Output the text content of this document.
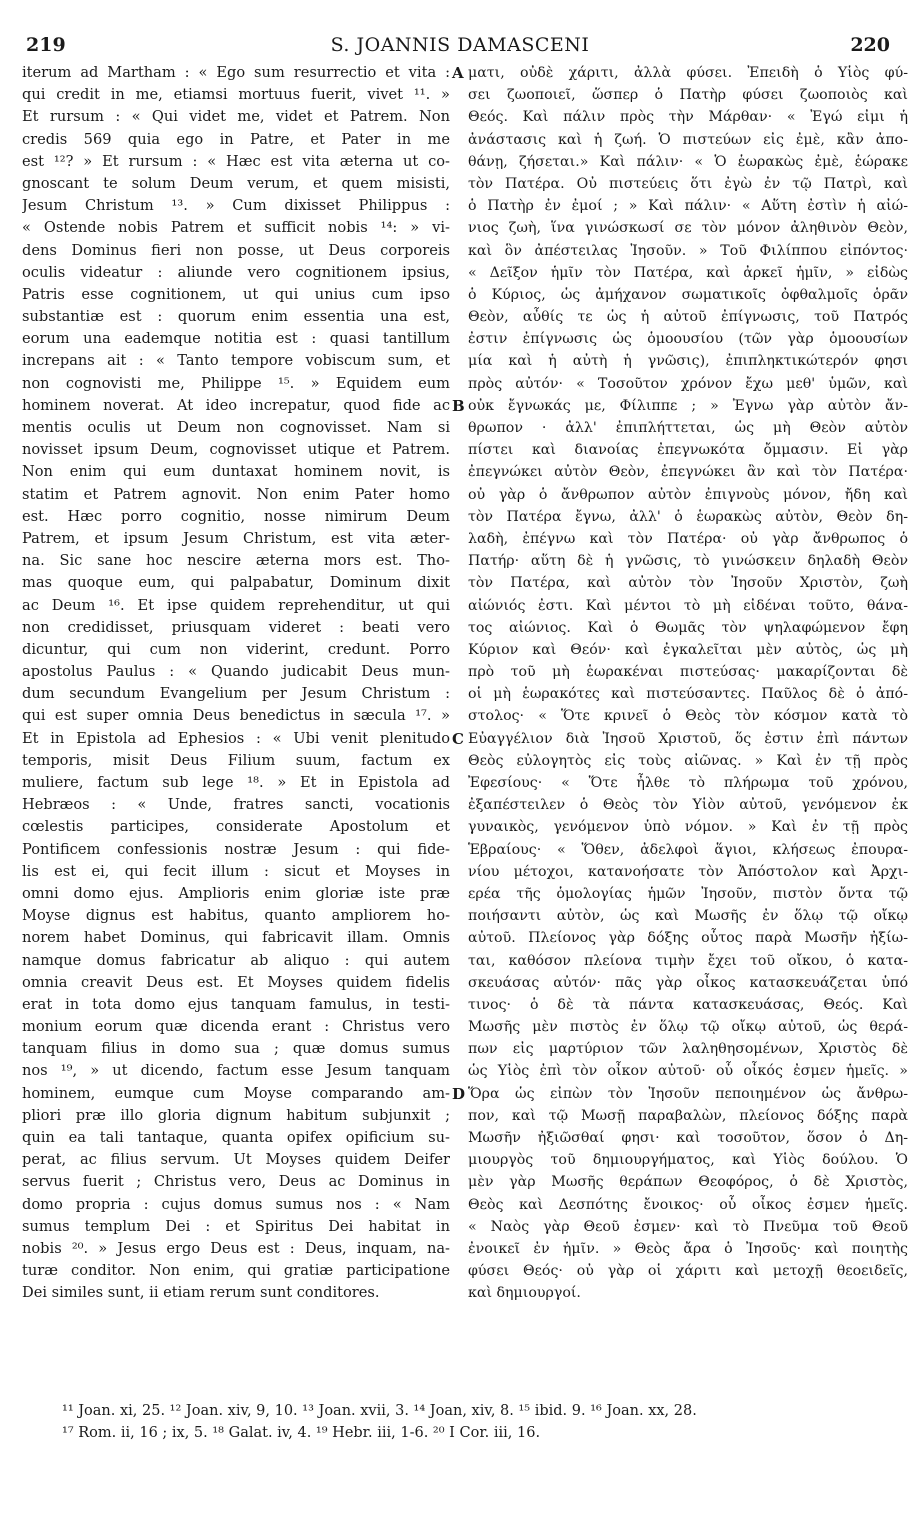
219	S. JOANNIS DAMASCENI	220
iterum ad Martham : « Ego sum resurrectio et vita :
qui credit in me, etiamsi mortuus fuerit, vivet ¹¹. »
Et rursum : « Qui videt me, videt et Patrem. Non
credis 569 quia ego in Patre, et Pater in me
est ¹²? » Et rursum : « Hæc est vita æterna ut co-
gnoscant te solum Deum verum, et quem misisti,
Jesum Christum ¹³. » Cum dixisset Philippus :
« Ostende nobis Patrem et sufficit nobis ¹⁴: » vi-
dens Dominus fieri non posse, ut Deus corporeis
oculis videatur : aliunde vero cognitionem ipsius,
Patris esse cognitionem, ut qui unius cum ipso
substantiæ est : quorum enim essentia una est,
eorum una eademque notitia est : quasi tantillum
increpans ait : « Tanto tempore vobiscum sum, et
non cognovisti me, Philippe ¹⁵. » Equidem eum
hominem noverat. At ideo increpatur, quod fide ac
mentis oculis ut Deum non cognovisset. Nam si
novisset ipsum Deum, cognovisset utique et Patrem.
Non enim qui eum duntaxat hominem novit, is
statim et Patrem agnovit. Non enim Pater homo
est. Hæc porro cognitio, nosse nimirum Deum
Patrem, et ipsum Jesum Christum, est vita æter-
na. Sic sane hoc nescire æterna mors est. Tho-
mas quoque eum, qui palpabatur, Dominum dixit
ac Deum ¹⁶. Et ipse quidem reprehenditur, ut qui
non credidisset, priusquam videret : beati vero
dicuntur, qui cum non viderint, credunt. Porro
apostolus Paulus : « Quando judicabit Deus mun-
dum secundum Evangelium per Jesum Christum :
qui est super omnia Deus benedictus in sæcula ¹⁷. »
Et in Epistola ad Ephesios : « Ubi venit plenitudo
temporis, misit Deus Filium suum, factum ex
muliere, factum sub lege ¹⁸. » Et in Epistola ad
Hebræos : « Unde, fratres sancti, vocationis
cœlestis participes, considerate Apostolum et
Pontificem confessionis nostræ Jesum : qui fide-
lis est ei, qui fecit illum : sicut et Moyses in
omni domo ejus. Amplioris enim gloriæ iste præ
Moyse dignus est habitus, quanto ampliorem ho-
norem habet Dominus, qui fabricavit illam. Omnis
namque domus fabricatur ab aliquo : qui autem
omnia creavit Deus est. Et Moyses quidem fidelis
erat in tota domo ejus tanquam famulus, in testi-
monium eorum quæ dicenda erant : Christus vero
tanquam filius in domo sua ; quæ domus sumus
nos ¹⁹, » ut dicendo, factum esse Jesum tanquam
hominem, eumque cum Moyse comparando am-
pliori præ illo gloria dignum habitum subjunxit ;
quin ea tali tantaque, quanta opifex opificium su-
perat, ac filius servum. Ut Moyses quidem Deifer
servus fuerit ; Christus vero, Deus ac Dominus in
domo propria : cujus domus sumus nos : « Nam
sumus templum Dei : et Spiritus Dei habitat in
nobis ²⁰. » Jesus ergo Deus est : Deus, inquam, na-
turæ conditor. Non enim, qui gratiæ participatione
Dei similes sunt, ii etiam rerum sunt conditores.
ματι, οὐδὲ χάριτι, ἀλλὰ φύσει. Ἐπειδὴ ὁ Υἱὸς φύ-
σει ζωοποιεῖ, ὥσπερ ὁ Πατὴρ φύσει ζωοποιὸς καὶ
Θεός. Καὶ πάλιν πρὸς τὴν Μάρθαν· « Ἐγώ εἰμι ἡ
ἀνάστασις καὶ ἡ ζωή. Ὁ πιστεύων εἰς ἐμὲ, κἂν ἀπο-
θάνῃ, ζήσεται.» Καὶ πάλιν· « Ὁ ἑωρακὼς ἐμὲ, ἑώρακε
τὸν Πατέρα. Οὐ πιστεύεις ὅτι ἐγὼ ἐν τῷ Πατρὶ, καὶ
ὁ Πατὴρ ἐν ἐμοί ; » Καὶ πάλιν· « Αὕτη ἐστὶν ἡ αἰώ-
νιος ζωὴ, ἵνα γινώσκωσί σε τὸν μόνον ἀληθινὸν Θεὸν,
καὶ ὃν ἀπέστειλας Ἰησοῦν. » Τοῦ Φιλίππου εἰπόντος·
« Δεῖξον ἡμῖν τὸν Πατέρα, καὶ ἀρκεῖ ἡμῖν, » εἰδὼς
ὁ Κύριος, ὡς ἀμήχανον σωματικοῖς ὀφθαλμοῖς ὁρᾶν
Θεὸν, αὖθίς τε ὡς ἡ αὐτοῦ ἐπίγνωσις, τοῦ Πατρός
ἐστιν ἐπίγνωσις ὡς ὁμοουσίου (τῶν γὰρ ὁμοουσίων
μία καὶ ἡ αὐτὴ ἡ γνῶσις), ἐπιπληκτικώτερόν φησι
πρὸς αὐτόν· « Τοσοῦτον χρόνον ἔχω μεθ' ὑμῶν, καὶ
οὐκ ἔγνωκάς με, Φίλιππε ; » Ἐγνω γὰρ αὐτὸν ἄν-
θρωπον · ἀλλ' ἐπιπλήττεται, ὡς μὴ Θεὸν αὐτὸν
πίστει καὶ διανοίας ἐπεγνωκότα ὄμμασιν. Εἰ γὰρ
ἐπεγνώκει αὐτὸν Θεὸν, ἐπεγνώκει ἂν καὶ τὸν Πατέρα·
οὐ γὰρ ὁ ἄνθρωπον αὐτὸν ἐπιγνοὺς μόνον, ἤδη καὶ
τὸν Πατέρα ἔγνω, ἀλλ' ὁ ἑωρακὼς αὐτὸν, Θεὸν δη-
λαδὴ, ἐπέγνω καὶ τὸν Πατέρα· οὐ γὰρ ἄνθρωπος ὁ
Πατήρ· αὕτη δὲ ἡ γνῶσις, τὸ γινώσκειν δηλαδὴ Θεὸν
τὸν Πατέρα, καὶ αὐτὸν τὸν Ἰησοῦν Χριστὸν, ζωὴ
αἰώνιός ἐστι. Καὶ μέντοι τὸ μὴ εἰδέναι τοῦτο, θάνα-
τος αἰώνιος. Καὶ ὁ Θωμᾶς τὸν ψηλαφώμενον ἔφη
Κύριον καὶ Θεόν· καὶ ἐγκαλεῖται μὲν αὐτὸς, ὡς μὴ
πρὸ τοῦ μὴ ἑωρακέναι πιστεύσας· μακαρίζονται δὲ
οἱ μὴ ἑωρακότες καὶ πιστεύσαντες. Παῦλος δὲ ὁ ἀπό-
στολος· « Ὅτε κρινεῖ ὁ Θεὸς τὸν κόσμον κατὰ τὸ
Εὐαγγέλιον διὰ Ἰησοῦ Χριστοῦ, ὅς ἐστιν ἐπὶ πάντων
Θεὸς εὐλογητὸς εἰς τοὺς αἰῶνας. » Καὶ ἐν τῇ πρὸς
Ἐφεσίους· « Ὅτε ἦλθε τὸ πλήρωμα τοῦ χρόνου,
ἐξαπέστειλεν ὁ Θεὸς τὸν Υἱὸν αὐτοῦ, γενόμενον ἐκ
γυναικὸς, γενόμενον ὑπὸ νόμον. » Καὶ ἐν τῇ πρὸς
Ἑβραίους· « Ὅθεν, ἀδελφοὶ ἅγιοι, κλήσεως ἐπουρα-
νίου μέτοχοι, κατανοήσατε τὸν Ἀπόστολον καὶ Ἀρχι-
ερέα τῆς ὁμολογίας ἡμῶν Ἰησοῦν, πιστὸν ὄντα τῷ
ποιήσαντι αὐτὸν, ὡς καὶ Μωσῆς ἐν ὅλῳ τῷ οἴκῳ
αὐτοῦ. Πλείονος γὰρ δόξης οὗτος παρὰ Μωσῆν ἠξίω-
ται, καθόσον πλείονα τιμὴν ἔχει τοῦ οἴκου, ὁ κατα-
σκευάσας αὐτόν· πᾶς γὰρ οἶκος κατασκευάζεται ὑπό
τινος· ὁ δὲ τὰ πάντα κατασκευάσας, Θεός. Καὶ
Μωσῆς μὲν πιστὸς ἐν ὅλῳ τῷ οἴκῳ αὐτοῦ, ὡς θερά-
πων εἰς μαρτύριον τῶν λαληθησομένων, Χριστὸς δὲ
ὡς Υἱὸς ἐπὶ τὸν οἶκον αὐτοῦ· οὗ οἶκός ἐσμεν ἡμεῖς. »
Ὅρα ὡς εἰπὼν τὸν Ἰησοῦν πεποιημένον ὡς ἄνθρω-
πον, καὶ τῷ Μωσῇ παραβαλὼν, πλείονος δόξης παρὰ
Μωσῆν ἠξιῶσθαί φησι· καὶ τοσοῦτον, ὅσον ὁ Δη-
μιουργὸς τοῦ δημιουργήματος, καὶ Υἱὸς δούλου. Ὁ
μὲν γὰρ Μωσῆς θεράπων Θεοφόρος, ὁ δὲ Χριστὸς,
Θεὸς καὶ Δεσπότης ἔνοικος· οὗ οἶκος ἐσμεν ἡμεῖς.
« Ναὸς γὰρ Θεοῦ ἐσμεν· καὶ τὸ Πνεῦμα τοῦ Θεοῦ
ἐνοικεῖ ἐν ἡμῖν. » Θεὸς ἄρα ὁ Ἰησοῦς· καὶ ποιητὴς
φύσει Θεός· οὐ γὰρ οἱ χάριτι καὶ μετοχῇ θεοειδεῖς,
καὶ δημιουργοί.
A
B
C
D
¹¹ Joan. xi, 25. ¹² Joan. xiv, 9, 10. ¹³ Joan. xvii, 3. ¹⁴ Joan, xiv, 8. ¹⁵ ibid. 9. ¹⁶ Joan. xx, 28.
¹⁷ Rom. ii, 16 ; ix, 5. ¹⁸ Galat. iv, 4. ¹⁹ Hebr. iii, 1-6. ²⁰ I Cor. iii, 16.
